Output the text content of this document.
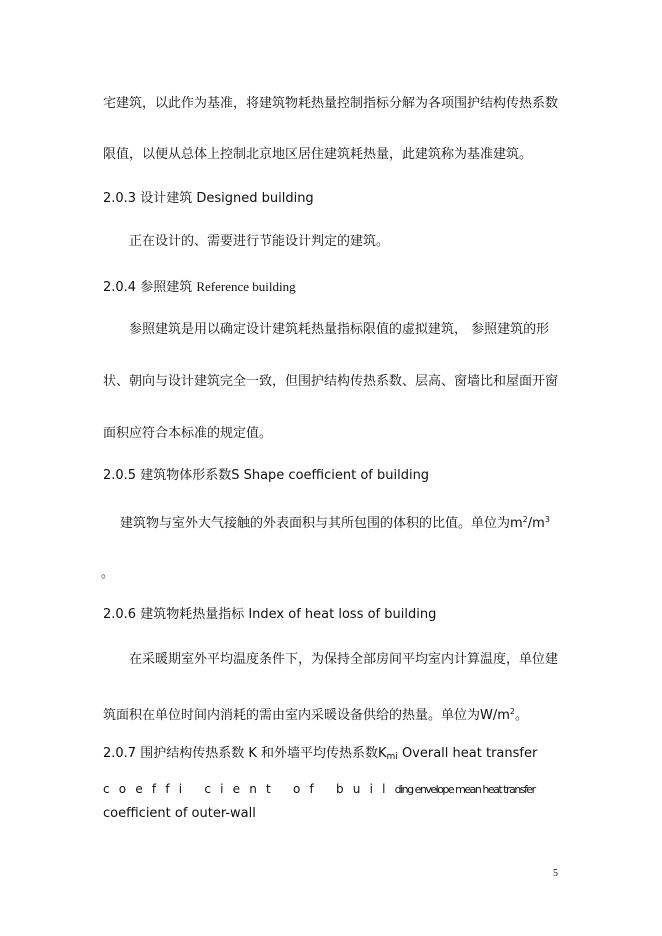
宅建筑，以此作为基准，将建筑物耗热量控制指标分解为各项围护结构传热系数
限值，以便从总体上控制北京地区居住建筑耗热量，此建筑称为基准建筑。
2.0.3 设计建筑 Designed building
正在设计的、需要进行节能设计判定的建筑。
2.0.4 参照建筑 Reference building
参照建筑是用以确定设计建筑耗热量指标限值的虚拟建筑， 参照建筑的形
状、朝向与设计建筑完全一致，但围护结构传热系数、层高、窗墙比和屋面开窗
面积应符合本标准的规定值。
2.0.5 建筑物体形系数S Shape coefficient of building
建筑物与室外大气接触的外表面积与其所包围的体积的比值。单位为$m^2/m^3$
。
2.0.6 建筑物耗热量指标 Index of heat loss of building
在采暖期室外平均温度条件下，为保持全部房间平均室内计算温度，单位建
筑面积在单位时间内消耗的需由室内采暖设备供给的热量。单位为$W/m^2$。
2.0.7 围护结构传热系数 K 和外墙平均传热系数$K_{mi}$ Overall heat transfer
coeffi cient of building envelope mean heat transfer
coefficient of outer-wall
5
